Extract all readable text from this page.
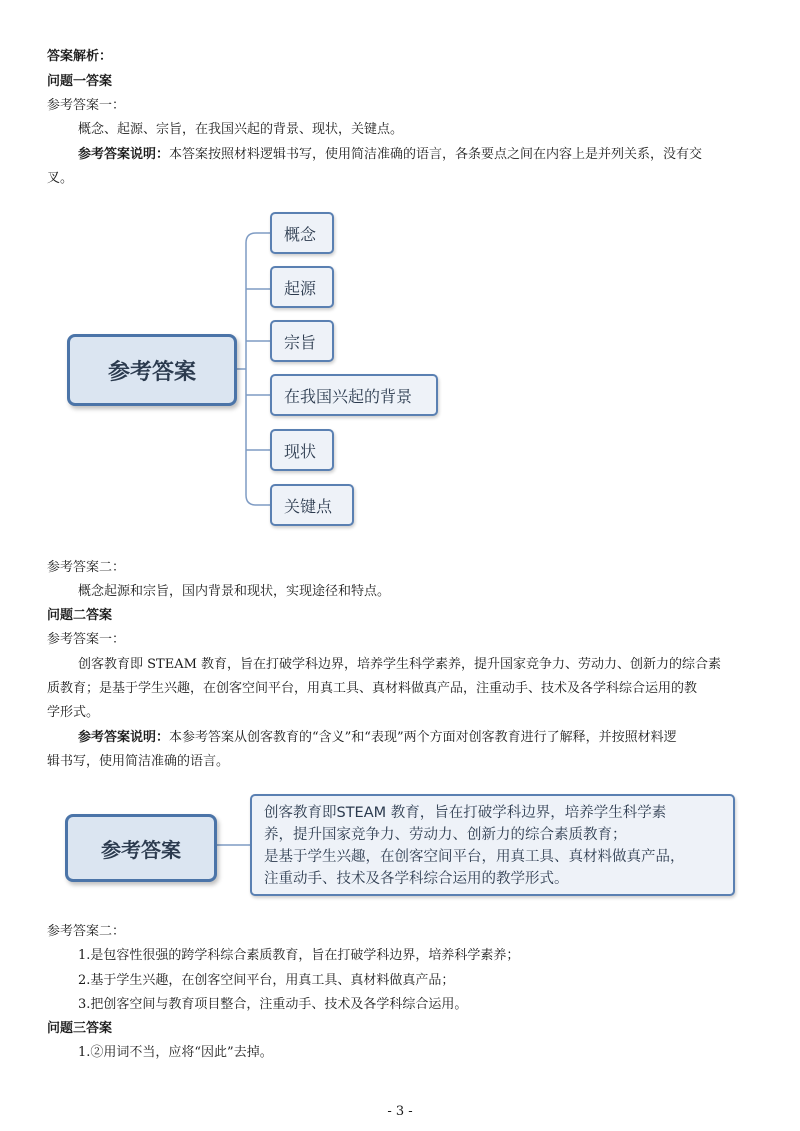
答案解析：
问题一答案
参考答案一：
概念、起源、宗旨，在我国兴起的背景、现状，关键点。
参考答案说明：本答案按照材料逻辑书写，使用简洁准确的语言，各条要点之间在内容上是并列关系，没有交
叉。
参考答案
概念
起源
宗旨
在我国兴起的背景
现状
关键点
参考答案二：
概念起源和宗旨，国内背景和现状，实现途径和特点。
问题二答案
参考答案一：
创客教育即 STEAM 教育，旨在打破学科边界，培养学生科学素养，提升国家竞争力、劳动力、创新力的综合素
质教育；是基于学生兴趣，在创客空间平台，用真工具、真材料做真产品，注重动手、技术及各学科综合运用的教
学形式。
参考答案说明：本参考答案从创客教育的“含义”和“表现”两个方面对创客教育进行了解释，并按照材料逻
辑书写，使用简洁准确的语言。
参考答案
创客教育即STEAM 教育，旨在打破学科边界，培养学生科学素
养，提升国家竞争力、劳动力、创新力的综合素质教育；
是基于学生兴趣，在创客空间平台，用真工具、真材料做真产品，
注重动手、技术及各学科综合运用的教学形式。
参考答案二：
1.是包容性很强的跨学科综合素质教育，旨在打破学科边界，培养科学素养；
2.基于学生兴趣，在创客空间平台，用真工具、真材料做真产品；
3.把创客空间与教育项目整合，注重动手、技术及各学科综合运用。
问题三答案
1.②用词不当，应将“因此”去掉。
- 3 -
